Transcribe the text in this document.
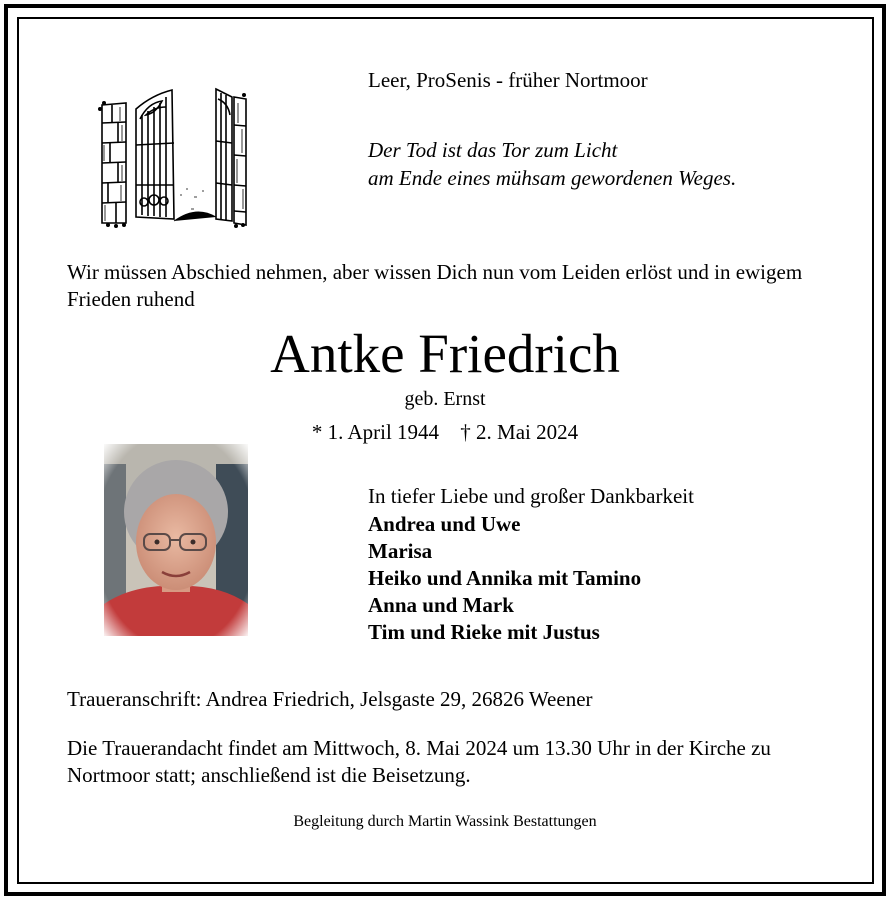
Leer, ProSenis - früher Nortmoor
Der Tod ist das Tor zum Licht
am Ende eines mühsam gewordenen Weges.
Wir müssen Abschied nehmen, aber wissen Dich nun vom Leiden erlöst und in ewigem Frieden ruhend
Antke Friedrich
geb. Ernst
* 1. April 1944 † 2. Mai 2024
In tiefer Liebe und großer Dankbarkeit
Andrea und Uwe
Marisa
Heiko und Annika mit Tamino
Anna und Mark
Tim und Rieke mit Justus
Traueranschrift: Andrea Friedrich, Jelsgaste 29, 26826 Weener
Die Trauerandacht findet am Mittwoch, 8. Mai 2024 um 13.30 Uhr in der Kirche zu Nortmoor statt; anschließend ist die Beisetzung.
Begleitung durch Martin Wassink Bestattungen
